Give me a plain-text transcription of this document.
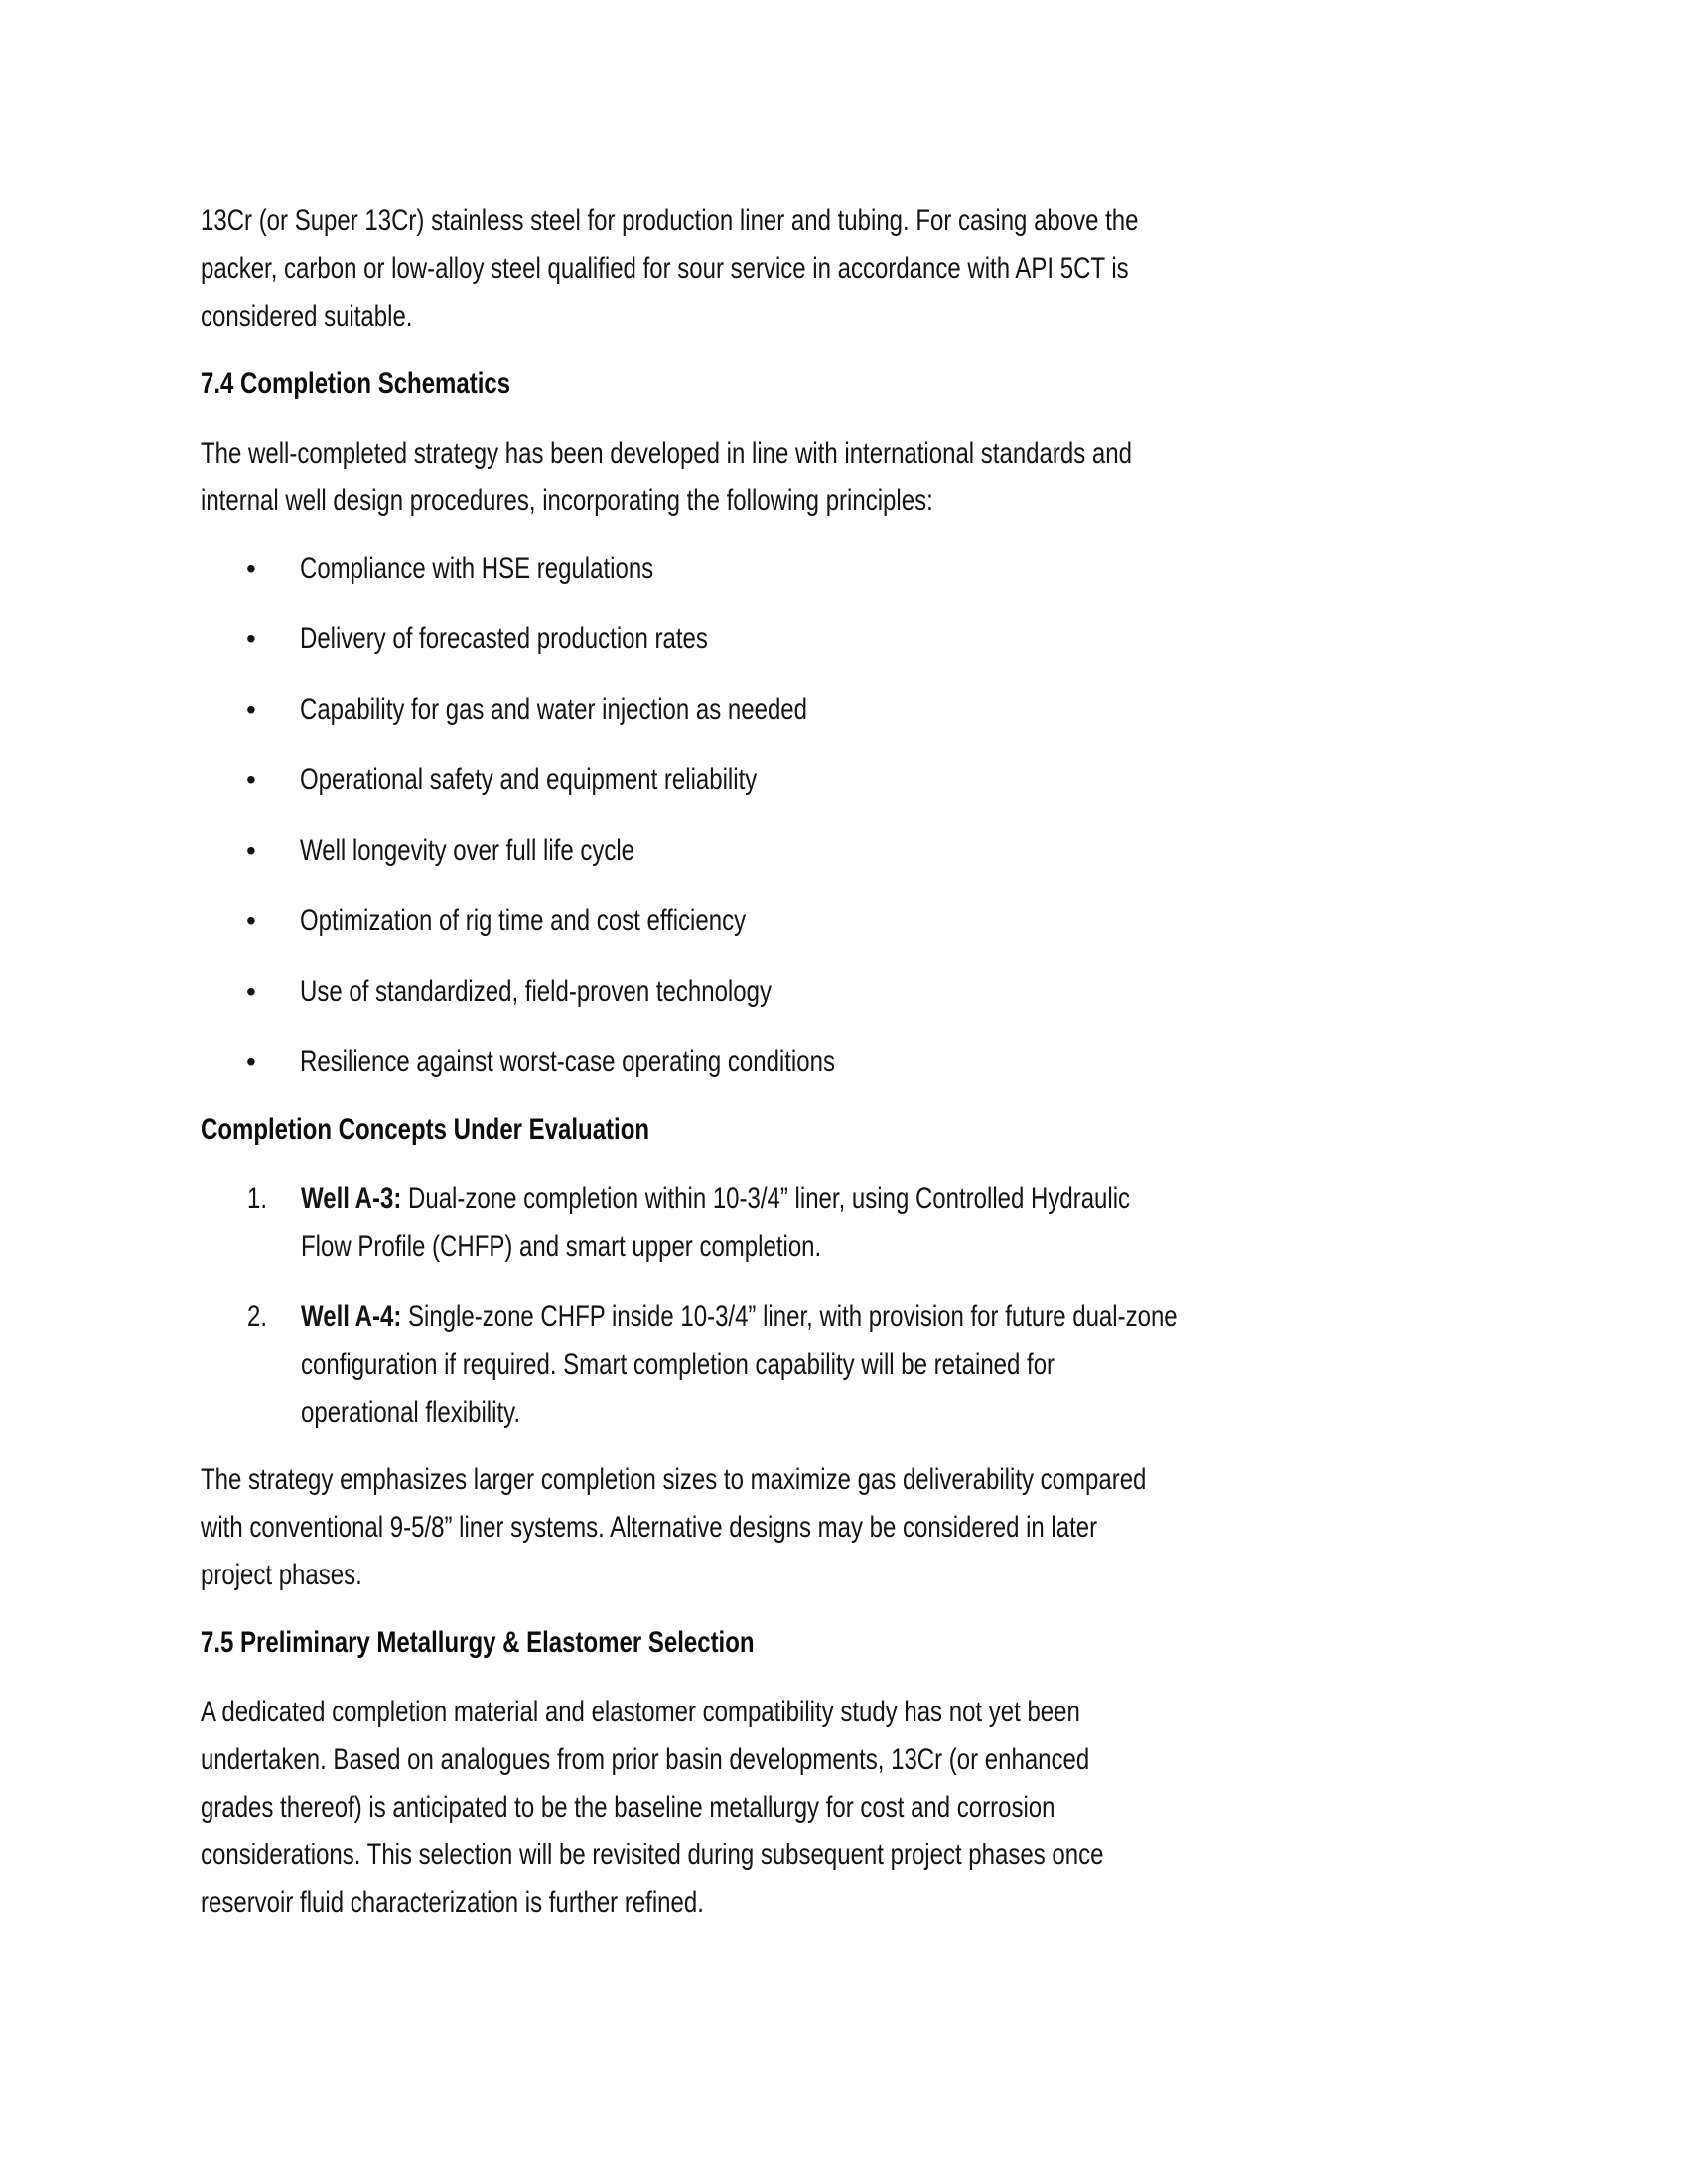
13Cr (or Super 13Cr) stainless steel for production liner and tubing. For casing above the
packer, carbon or low-alloy steel qualified for sour service in accordance with API 5CT is
considered suitable.
7.4 Completion Schematics
The well-completed strategy has been developed in line with international standards and
internal well design procedures, incorporating the following principles:
• Compliance with HSE regulations
• Delivery of forecasted production rates
• Capability for gas and water injection as needed
• Operational safety and equipment reliability
• Well longevity over full life cycle
• Optimization of rig time and cost efficiency
• Use of standardized, field-proven technology
• Resilience against worst-case operating conditions
Completion Concepts Under Evaluation
1. Well A-3: Dual-zone completion within 10-3/4” liner, using Controlled Hydraulic
Flow Profile (CHFP) and smart upper completion.
2. Well A-4: Single-zone CHFP inside 10-3/4” liner, with provision for future dual-zone
configuration if required. Smart completion capability will be retained for
operational flexibility.
The strategy emphasizes larger completion sizes to maximize gas deliverability compared
with conventional 9-5/8” liner systems. Alternative designs may be considered in later
project phases.
7.5 Preliminary Metallurgy & Elastomer Selection
A dedicated completion material and elastomer compatibility study has not yet been
undertaken. Based on analogues from prior basin developments, 13Cr (or enhanced
grades thereof) is anticipated to be the baseline metallurgy for cost and corrosion
considerations. This selection will be revisited during subsequent project phases once
reservoir fluid characterization is further refined.
